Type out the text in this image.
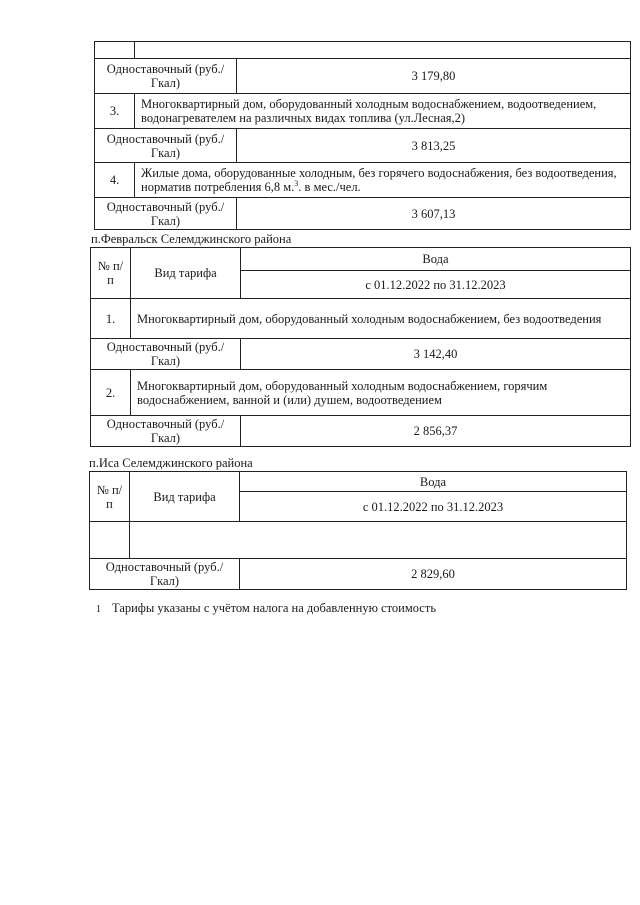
Одноставочный (руб./Гкал)		3 179,80
3.	Многоквартирный дом, оборудованный холодным водоснабжением, водоотведением, водонагревателем на различных видах топлива (ул.Лесная,2)	
Одноставочный (руб./Гкал)		3 813,25
4.	Жилые дома, оборудованные холодным, без горячего водоснабжения, без водоотведения, норматив потребления 6,8 м.$^3$. в мес./чел.	
Одноставочный (руб./Гкал)		3 607,13
п.Февральск Селемджинского района
№ п/п	Вид тарифа	Вода
		с 01.12.2022 по 31.12.2023
1.	Многоквартирный дом, оборудованный холодным водоснабжением, без водоотведения	
Одноставочный (руб./Гкал)		3 142,40
2.	Многоквартирный дом, оборудованный холодным водоснабжением, горячим водоснабжением, ванной и (или) душем, водоотведением	
Одноставочный (руб./Гкал)		2 856,37
п.Иса Селемджинского района
№ п/п	Вид тарифа	Вода
		с 01.12.2022 по 31.12.2023

Одноставочный (руб./Гкал)		2 829,60
1 Тарифы указаны с учётом налога на добавленную стоимость
